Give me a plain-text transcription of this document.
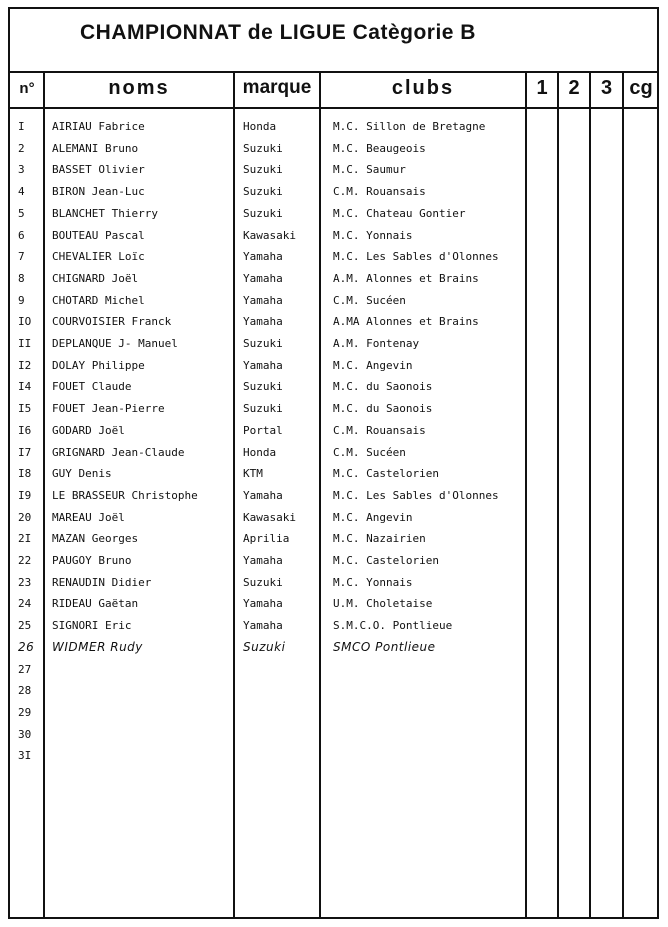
CHAMPIONNAT de LIGUE Catègorie B
n°	noms	marque	clubs	1	2	3 cg
I	AIRIAU Fabrice	Honda	M.C. Sillon de Bretagne
2	ALEMANI Bruno	Suzuki	M.C. Beaugeois
3	BASSET Olivier	Suzuki	M.C. Saumur
4	BIRON Jean-Luc	Suzuki	C.M. Rouansais
5	BLANCHET Thierry	Suzuki	M.C. Chateau Gontier
6	BOUTEAU Pascal	Kawasaki	M.C. Yonnais
7	CHEVALIER Loïc	Yamaha	M.C. Les Sables d'Olonnes
8	CHIGNARD Joël	Yamaha	A.M. Alonnes et Brains
9	CHOTARD Michel	Yamaha	C.M. Sucéen
IO	COURVOISIER Franck	Yamaha	A.MA Alonnes et Brains
II	DEPLANQUE J- Manuel	Suzuki	A.M. Fontenay
I2	DOLAY Philippe	Yamaha	M.C. Angevin
I4	FOUET Claude	Suzuki	M.C. du Saonois
I5	FOUET Jean-Pierre	Suzuki	M.C. du Saonois
I6	GODARD Joël	Portal	C.M. Rouansais
I7	GRIGNARD Jean-Claude	Honda	C.M. Sucéen
I8	GUY Denis	KTM	M.C. Castelorien
I9	LE BRASSEUR Christophe	Yamaha	M.C. Les Sables d'Olonnes
20	MAREAU Joël	Kawasaki	M.C. Angevin
2I	MAZAN Georges	Aprilia	M.C. Nazairien
22	PAUGOY Bruno	Yamaha	M.C. Castelorien
23	RENAUDIN Didier	Suzuki	M.C. Yonnais
24	RIDEAU Gaëtan	Yamaha	U.M. Choletaise
25	SIGNORI Eric	Yamaha	S.M.C.O. Pontlieue
26	WIDMER Rudy	Suzuki	SMCO Pontlieue
27
28
29
30
3I
